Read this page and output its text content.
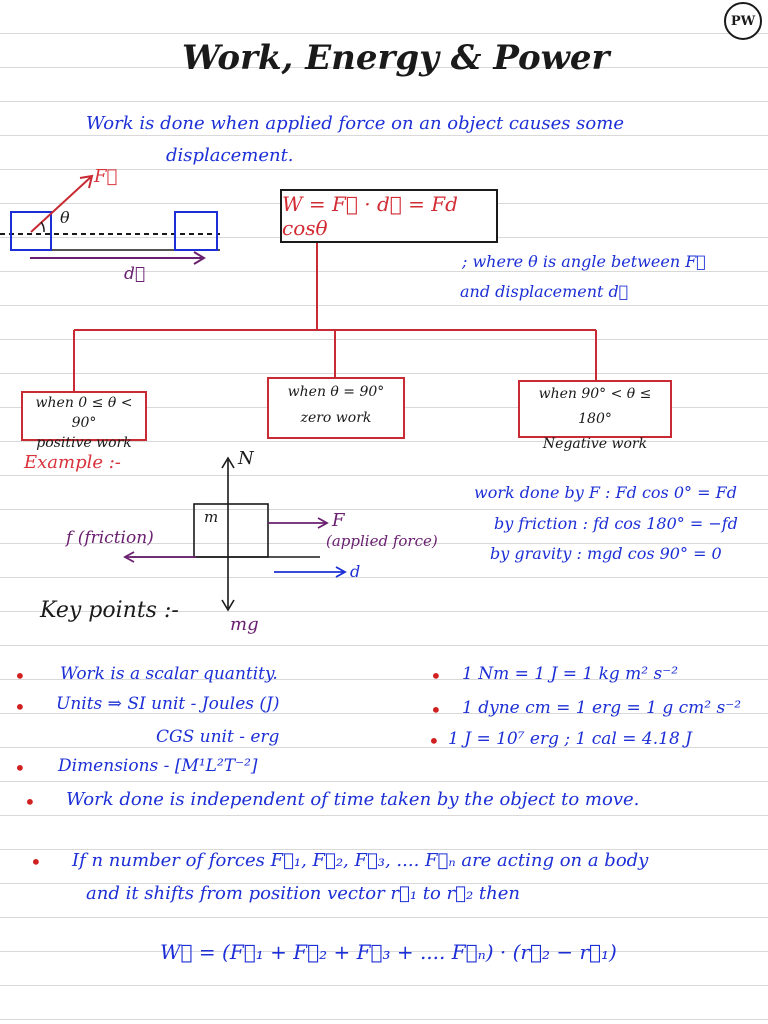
PW
Work, Energy & Power
Work is done when applied force on an object causes some
displacement.
F⃗
θ
d⃗
W = F⃗ · d⃗ = Fd cosθ
; where θ is angle between F⃗
and displacement d⃗
when 0 ≤ θ < 90°
positive work
when θ = 90°
zero work
when 90° < θ ≤ 180°
Negative work
Example :-	N
m	F
(applied force)
f (friction)
mg
d
work done by F : Fd cos 0° = Fd
by friction : fd cos 180° = −fd
by gravity : mgd cos 90° = 0
Key points :-
• Work is a scalar quantity.
• Units ⇒ SI unit - Joules (J)
CGS unit - erg
• Dimensions - [M¹L²T⁻²]
• 1 Nm = 1 J = 1 kg m² s⁻²
• 1 dyne cm = 1 erg = 1 g cm² s⁻²
• 1 J = 10⁷ erg ; 1 cal = 4.18 J
• Work done is independent of time taken by the object to move.
• If n number of forces F⃗₁, F⃗₂, F⃗₃, .... F⃗ₙ are acting on a body
and it shifts from position vector r⃗₁ to r⃗₂ then
W⃗ = (F⃗₁ + F⃗₂ + F⃗₃ + .... F⃗ₙ) · (r⃗₂ − r⃗₁)
